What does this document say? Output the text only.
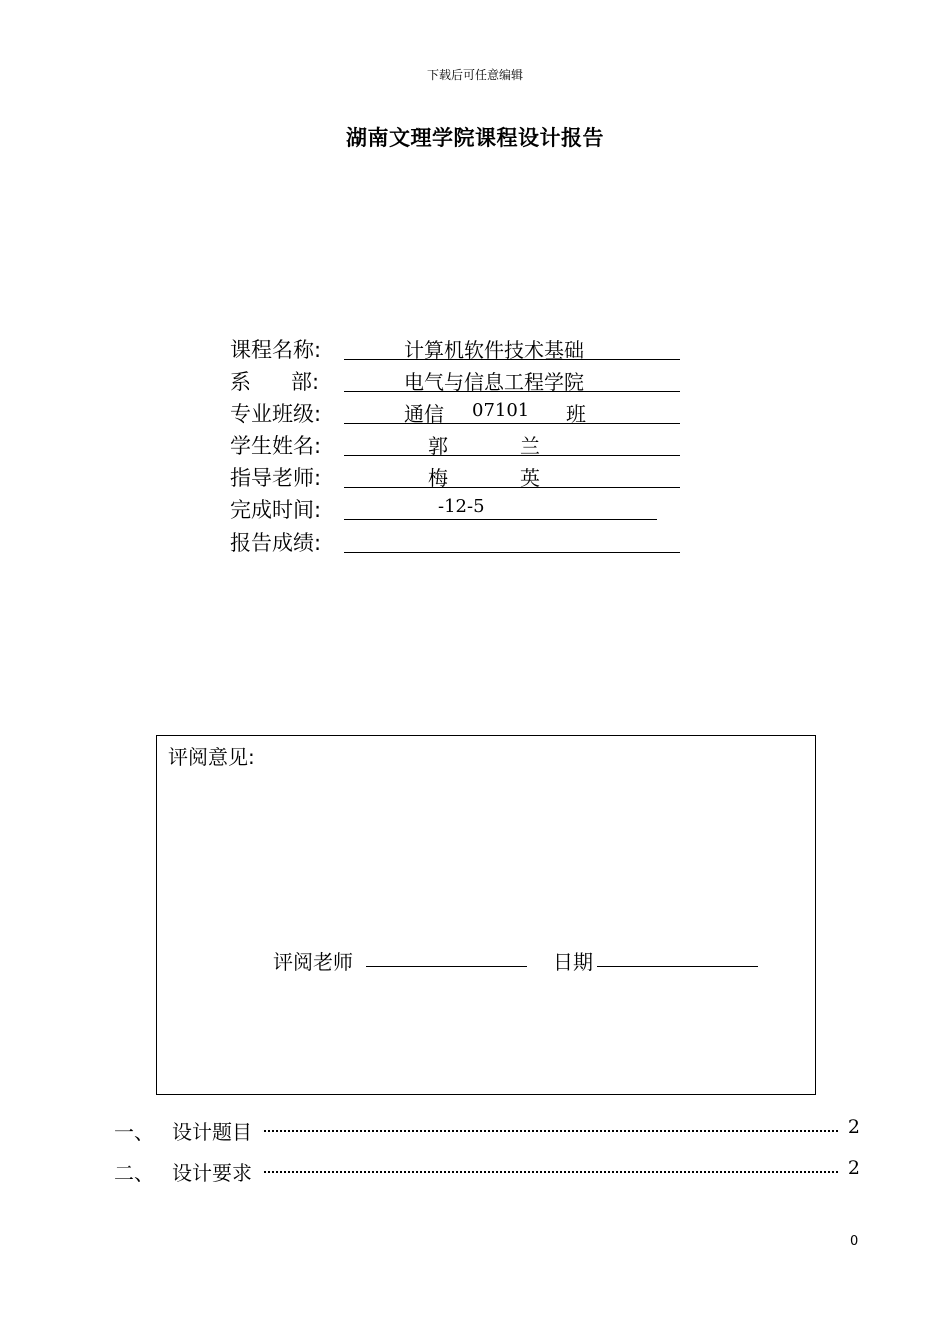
下载后可任意编辑
湖南文理学院课程设计报告
课程名称:	计算机软件技术基础
系      部:	电气与信息工程学院
专业班级:	通信 07101 班
学生姓名:	郭	兰
指导老师:	梅	英
完成时间:	-12-5
报告成绩:
评阅意见:
评阅老师	日期
一、 设计题目	2
二、 设计要求	2
0
